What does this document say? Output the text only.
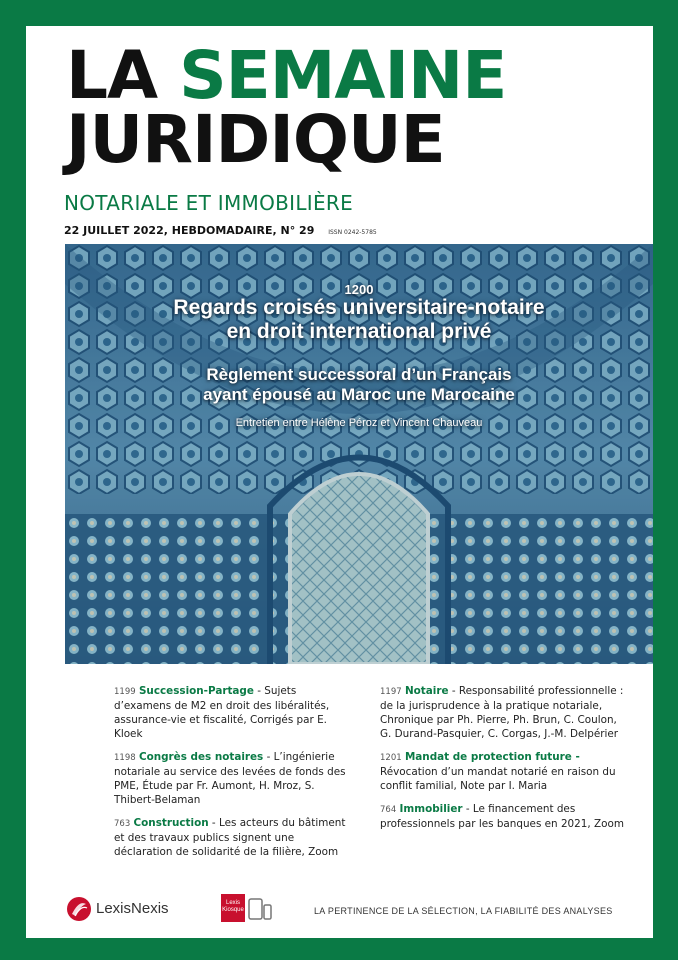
LA SEMAINE
JURIDIQUE
NOTARIALE ET IMMOBILIÈRE
22 JUILLET 2022, HEBDOMADAIRE, N° 29 ISSN 0242-5785
1200
Regards croisés universitaire-notaire
en droit international privé
Règlement successoral d’un Français
ayant épousé au Maroc une Marocaine
Entretien entre Hélène Péroz et Vincent Chauveau
1199 Succession-Partage - Sujets d’examens de M2 en droit des libéralités, assurance-vie et fiscalité, Corrigés par E. Kloek
1198 Congrès des notaires - L’ingénierie notariale au service des levées de fonds des PME, Étude par Fr. Aumont, H. Mroz, S. Thibert-Belaman
763 Construction - Les acteurs du bâtiment et des travaux publics signent une déclaration de solidarité de la filière, Zoom
1197 Notaire - Responsabilité professionnelle : de la jurisprudence à la pratique notariale, Chronique par Ph. Pierre, Ph. Brun, C. Coulon, G. Durand-Pasquier, C. Corgas, J.-M. Delpérier
1201 Mandat de protection future - Révocation d’un mandat notarié en raison du conflit familial, Note par I. Maria
764 Immobilier - Le financement des professionnels par les banques en 2021, Zoom
LexisNexis	Lexis
Kiosque	LA PERTINENCE DE LA SÉLECTION, LA FIABILITÉ DES ANALYSES
